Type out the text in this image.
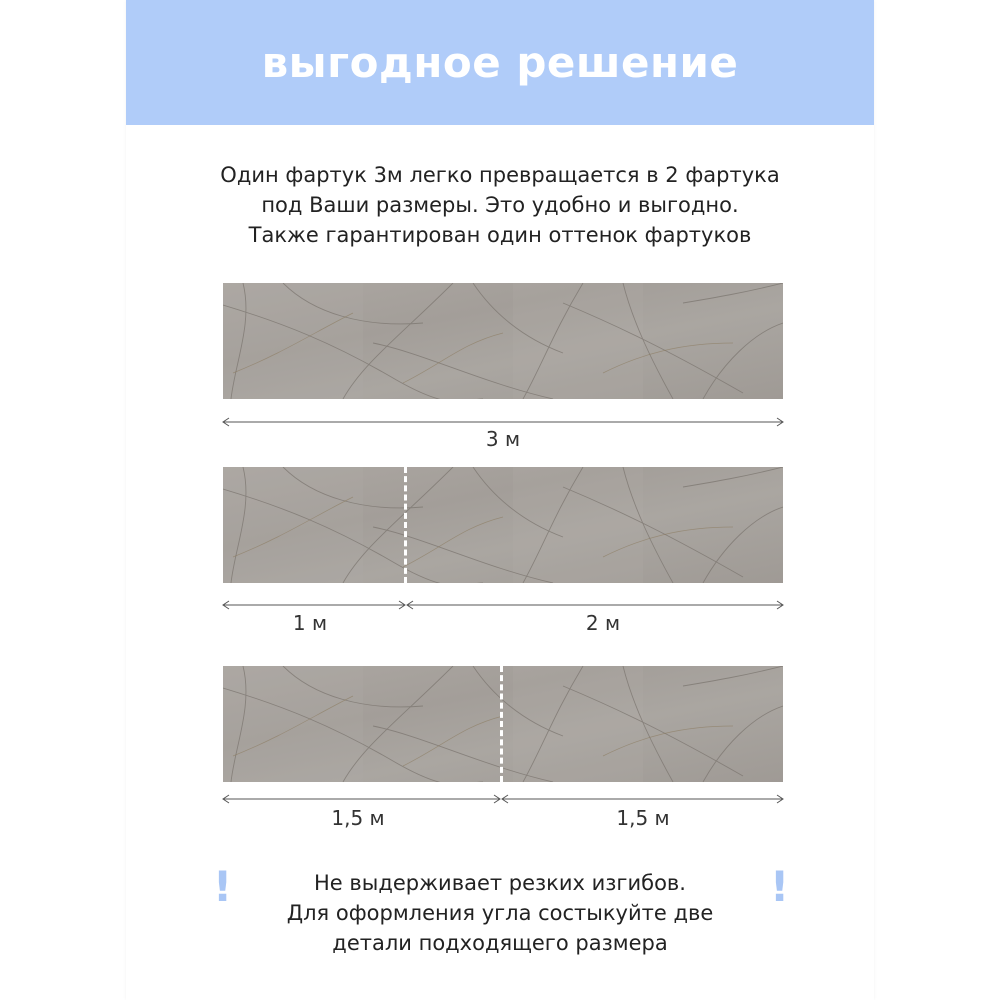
выгодное решение
Один фартук 3м легко превращается в 2 фартука
под Ваши размеры. Это удобно и выгодно.
Также гарантирован один оттенок фартуков
3 м
1 м	2 м
1,5 м	1,5 м
!	!
Не выдерживает резких изгибов.
Для оформления угла состыкуйте две
детали подходящего размера
